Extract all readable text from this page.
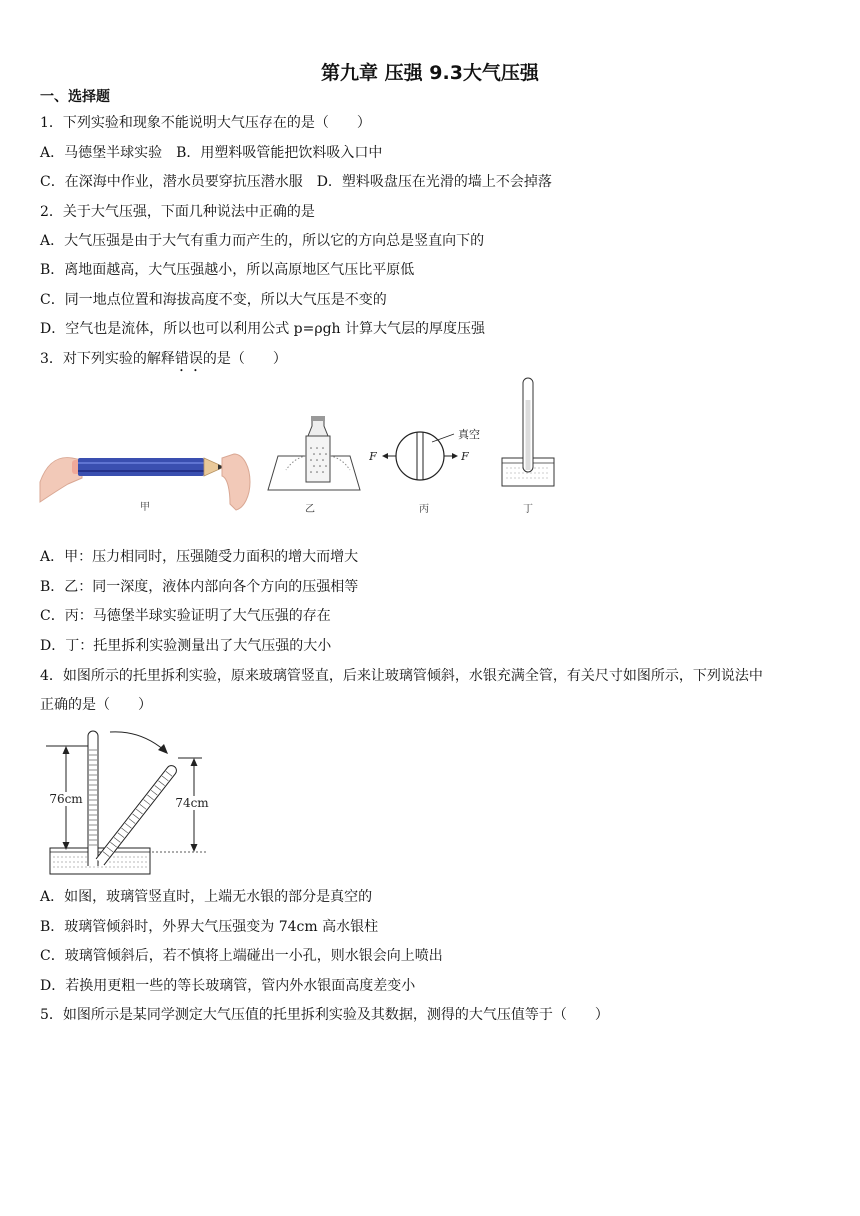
第九章 压强 9.3大气压强
一、选择题
1．下列实验和现象不能说明大气压存在的是（　　）
A．马德堡半球实验　B．用塑料吸管能把饮料吸入口中
C．在深海中作业，潜水员要穿抗压潜水服　D．塑料吸盘压在光滑的墙上不会掉落
2．关于大气压强，下面几种说法中正确的是
A．大气压强是由于大气有重力而产生的，所以它的方向总是竖直向下的
B．离地面越高，大气压强越小，所以高原地区气压比平原低
C．同一地点位置和海拔高度不变，所以大气压是不变的
D．空气也是流体，所以也可以利用公式 p=ρgh 计算大气层的厚度压强
3．对下列实验的解释错误的是（　　）
甲	乙
F	F
真空
丙	丁
A．甲：压力相同时，压强随受力面积的增大而增大
B．乙：同一深度，液体内部向各个方向的压强相等
C．丙：马德堡半球实验证明了大气压强的存在
D．丁：托里拆利实验测量出了大气压强的大小
4．如图所示的托里拆利实验，原来玻璃管竖直，后来让玻璃管倾斜，水银充满全管，有关尺寸如图所示，下列说法中
正确的是（　　）
76cm	74cm
A．如图，玻璃管竖直时，上端无水银的部分是真空的
B．玻璃管倾斜时，外界大气压强变为 74cm 高水银柱
C．玻璃管倾斜后，若不慎将上端碰出一小孔，则水银会向上喷出
D．若换用更粗一些的等长玻璃管，管内外水银面高度差变小
5．如图所示是某同学测定大气压值的托里拆利实验及其数据，测得的大气压值等于（　　）
